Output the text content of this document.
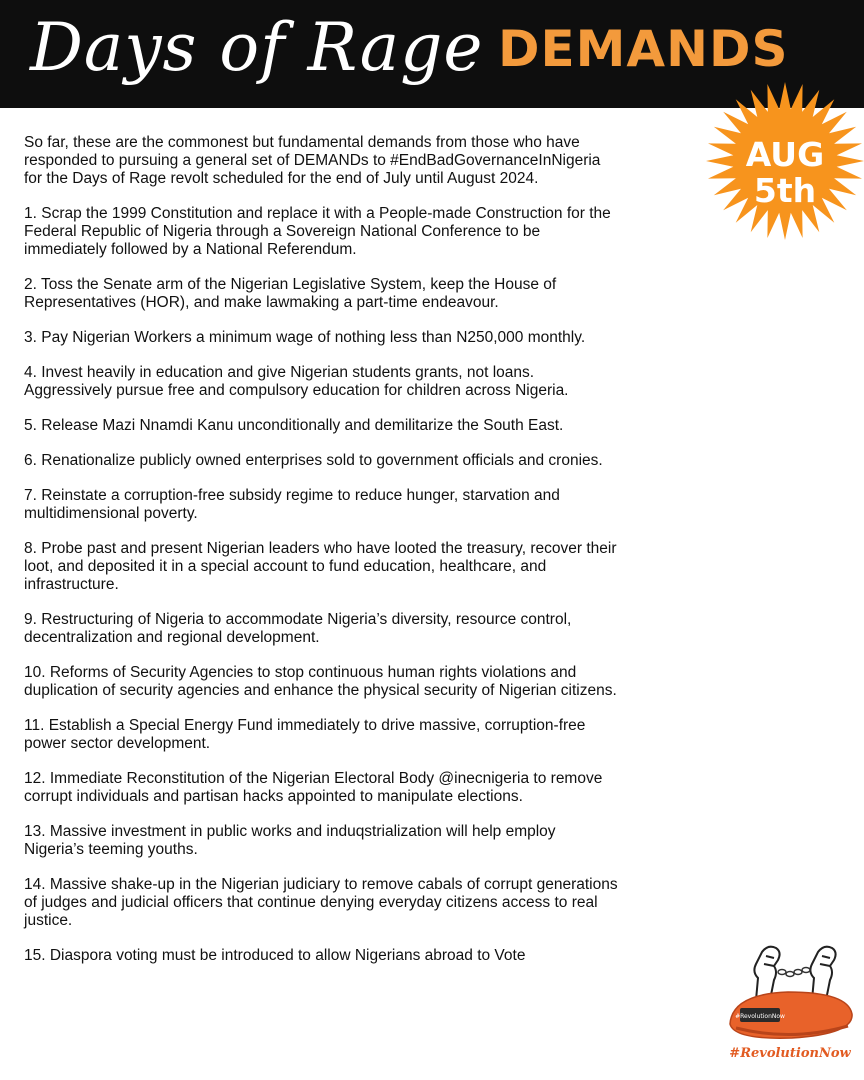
Days of Rage DEMANDS
AUG
5th

So far, these are the commonest but fundamental demands from those who have
responded to pursuing a general set of DEMANDs to #EndBadGovernanceInNigeria
for the Days of Rage revolt scheduled for the end of July until August 2024.

1. Scrap the 1999 Constitution and replace it with a People-made Construction for the
Federal Republic of Nigeria through a Sovereign National Conference to be
immediately followed by a National Referendum.

2. Toss the Senate arm of the Nigerian Legislative System, keep the House of
Representatives (HOR), and make lawmaking a part-time endeavour.

3. Pay Nigerian Workers a minimum wage of nothing less than N250,000 monthly.

4. Invest heavily in education and give Nigerian students grants, not loans.
Aggressively pursue free and compulsory education for children across Nigeria.

5. Release Mazi Nnamdi Kanu unconditionally and demilitarize the South East.

6. Renationalize publicly owned enterprises sold to government officials and cronies.

7. Reinstate a corruption-free subsidy regime to reduce hunger, starvation and
multidimensional poverty.

8. Probe past and present Nigerian leaders who have looted the treasury, recover their
loot, and deposited it in a special account to fund education, healthcare, and
infrastructure.

9. Restructuring of Nigeria to accommodate Nigeria’s diversity, resource control,
decentralization and regional development.

10. Reforms of Security Agencies to stop continuous human rights violations and
duplication of security agencies and enhance the physical security of Nigerian citizens.

11. Establish a Special Energy Fund immediately to drive massive, corruption-free
power sector development.

12. Immediate Reconstitution of the Nigerian Electoral Body @inecnigeria to remove
corrupt individuals and partisan hacks appointed to manipulate elections.

13. Massive investment in public works and induqstrialization will help employ
Nigeria’s teeming youths.

14. Massive shake-up in the Nigerian judiciary to remove cabals of corrupt generations
of judges and judicial officers that continue denying everyday citizens access to real
justice.

15. Diaspora voting must be introduced to allow Nigerians abroad to Vote

#RevolutionNow
#RevolutionNow
